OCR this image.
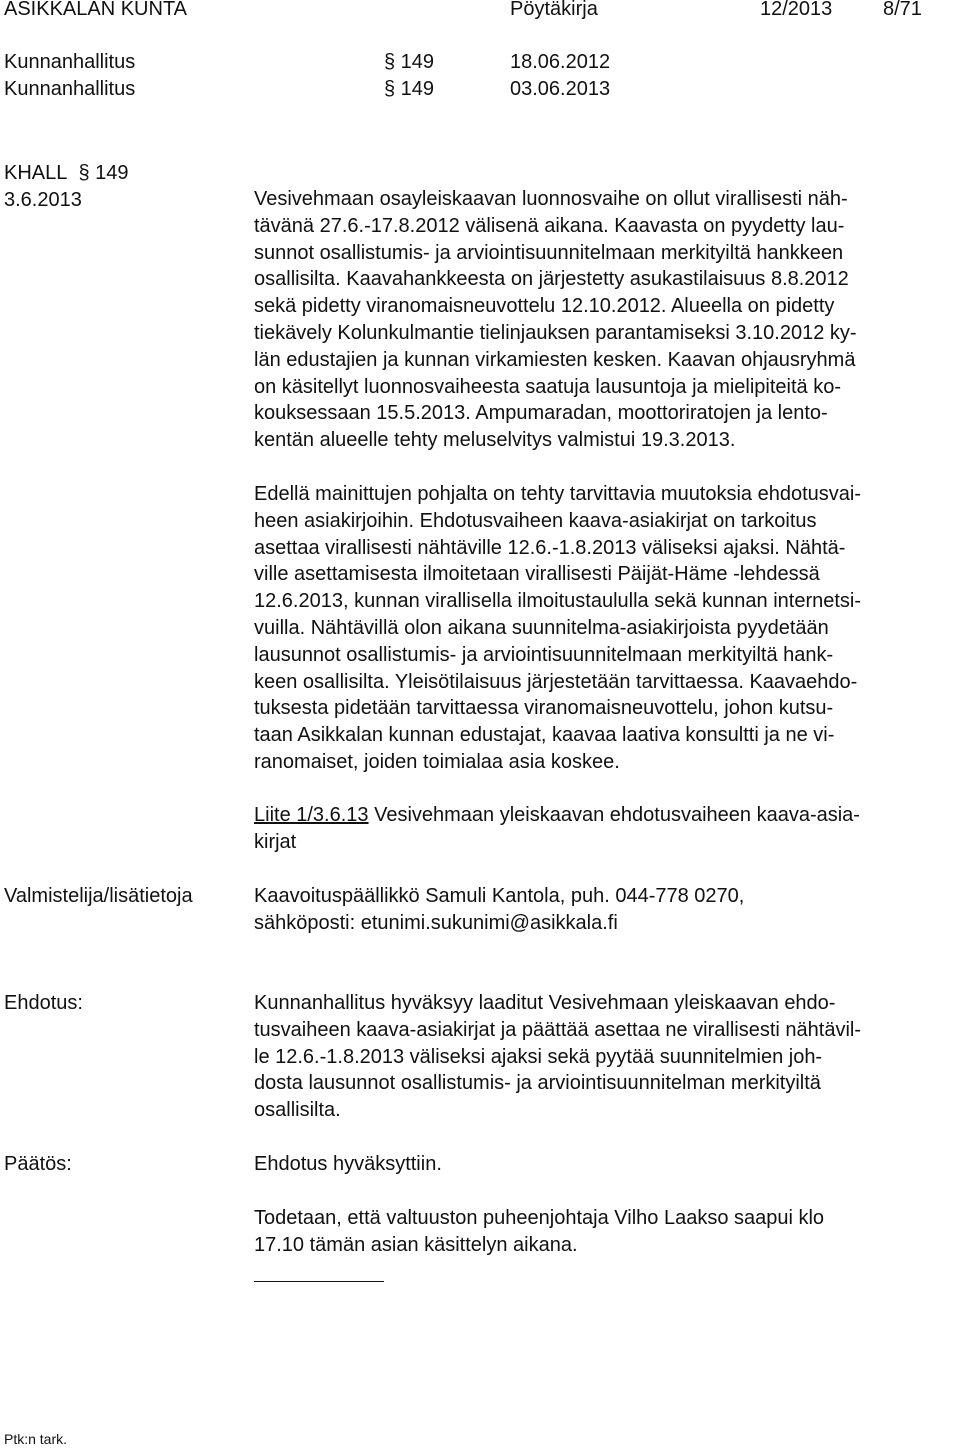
ASIKKALAN KUNTA	Pöytäkirja	12/2013	8/71
Kunnanhallitus	§ 149	18.06.2012
Kunnanhallitus	§ 149	03.06.2013
KHALL § 149
3.6.2013	Vesivehmaan osayleiskaavan luonnosvaihe on ollut virallisesti näh-
tävänä 27.6.-17.8.2012 välisenä aikana. Kaavasta on pyydetty lau-
sunnot osallistumis- ja arviointisuunnitelmaan merkityiltä hankkeen
osallisilta. Kaavahankkeesta on järjestetty asukastilaisuus 8.8.2012
sekä pidetty viranomaisneuvottelu 12.10.2012. Alueella on pidetty
tiekävely Kolunkulmantie tielinjauksen parantamiseksi 3.10.2012 ky-
län edustajien ja kunnan virkamiesten kesken. Kaavan ohjausryhmä
on käsitellyt luonnosvaiheesta saatuja lausuntoja ja mielipiteitä ko-
kouksessaan 15.5.2013. Ampumaradan, moottoriratojen ja lento-
kentän alueelle tehty meluselvitys valmistui 19.3.2013.
Edellä mainittujen pohjalta on tehty tarvittavia muutoksia ehdotusvai-
heen asiakirjoihin. Ehdotusvaiheen kaava-asiakirjat on tarkoitus
asettaa virallisesti nähtäville 12.6.-1.8.2013 väliseksi ajaksi. Nähtä-
ville asettamisesta ilmoitetaan virallisesti Päijät-Häme -lehdessä
12.6.2013, kunnan virallisella ilmoitustaululla sekä kunnan internetsi-
vuilla. Nähtävillä olon aikana suunnitelma-asiakirjoista pyydetään
lausunnot osallistumis- ja arviointisuunnitelmaan merkityiltä hank-
keen osallisilta. Yleisötilaisuus järjestetään tarvittaessa. Kaavaehdo-
tuksesta pidetään tarvittaessa viranomaisneuvottelu, johon kutsu-
taan Asikkalan kunnan edustajat, kaavaa laativa konsultti ja ne vi-
ranomaiset, joiden toimialaa asia koskee.
Liite 1/3.6.13 Vesivehmaan yleiskaavan ehdotusvaiheen kaava-asia-
kirjat
Valmistelija/lisätietoja	Kaavoituspäällikkö Samuli Kantola, puh. 044-778 0270,
sähköposti: etunimi.sukunimi@asikkala.fi
Ehdotus:	Kunnanhallitus hyväksyy laaditut Vesivehmaan yleiskaavan ehdo-
tusvaiheen kaava-asiakirjat ja päättää asettaa ne virallisesti nähtävil-
le 12.6.-1.8.2013 väliseksi ajaksi sekä pyytää suunnitelmien joh-
dosta lausunnot osallistumis- ja arviointisuunnitelman merkityiltä
osallisilta.
Päätös:	Ehdotus hyväksyttiin.
Todetaan, että valtuuston puheenjohtaja Vilho Laakso saapui klo
17.10 tämän asian käsittelyn aikana.
Ptk:n tark.
